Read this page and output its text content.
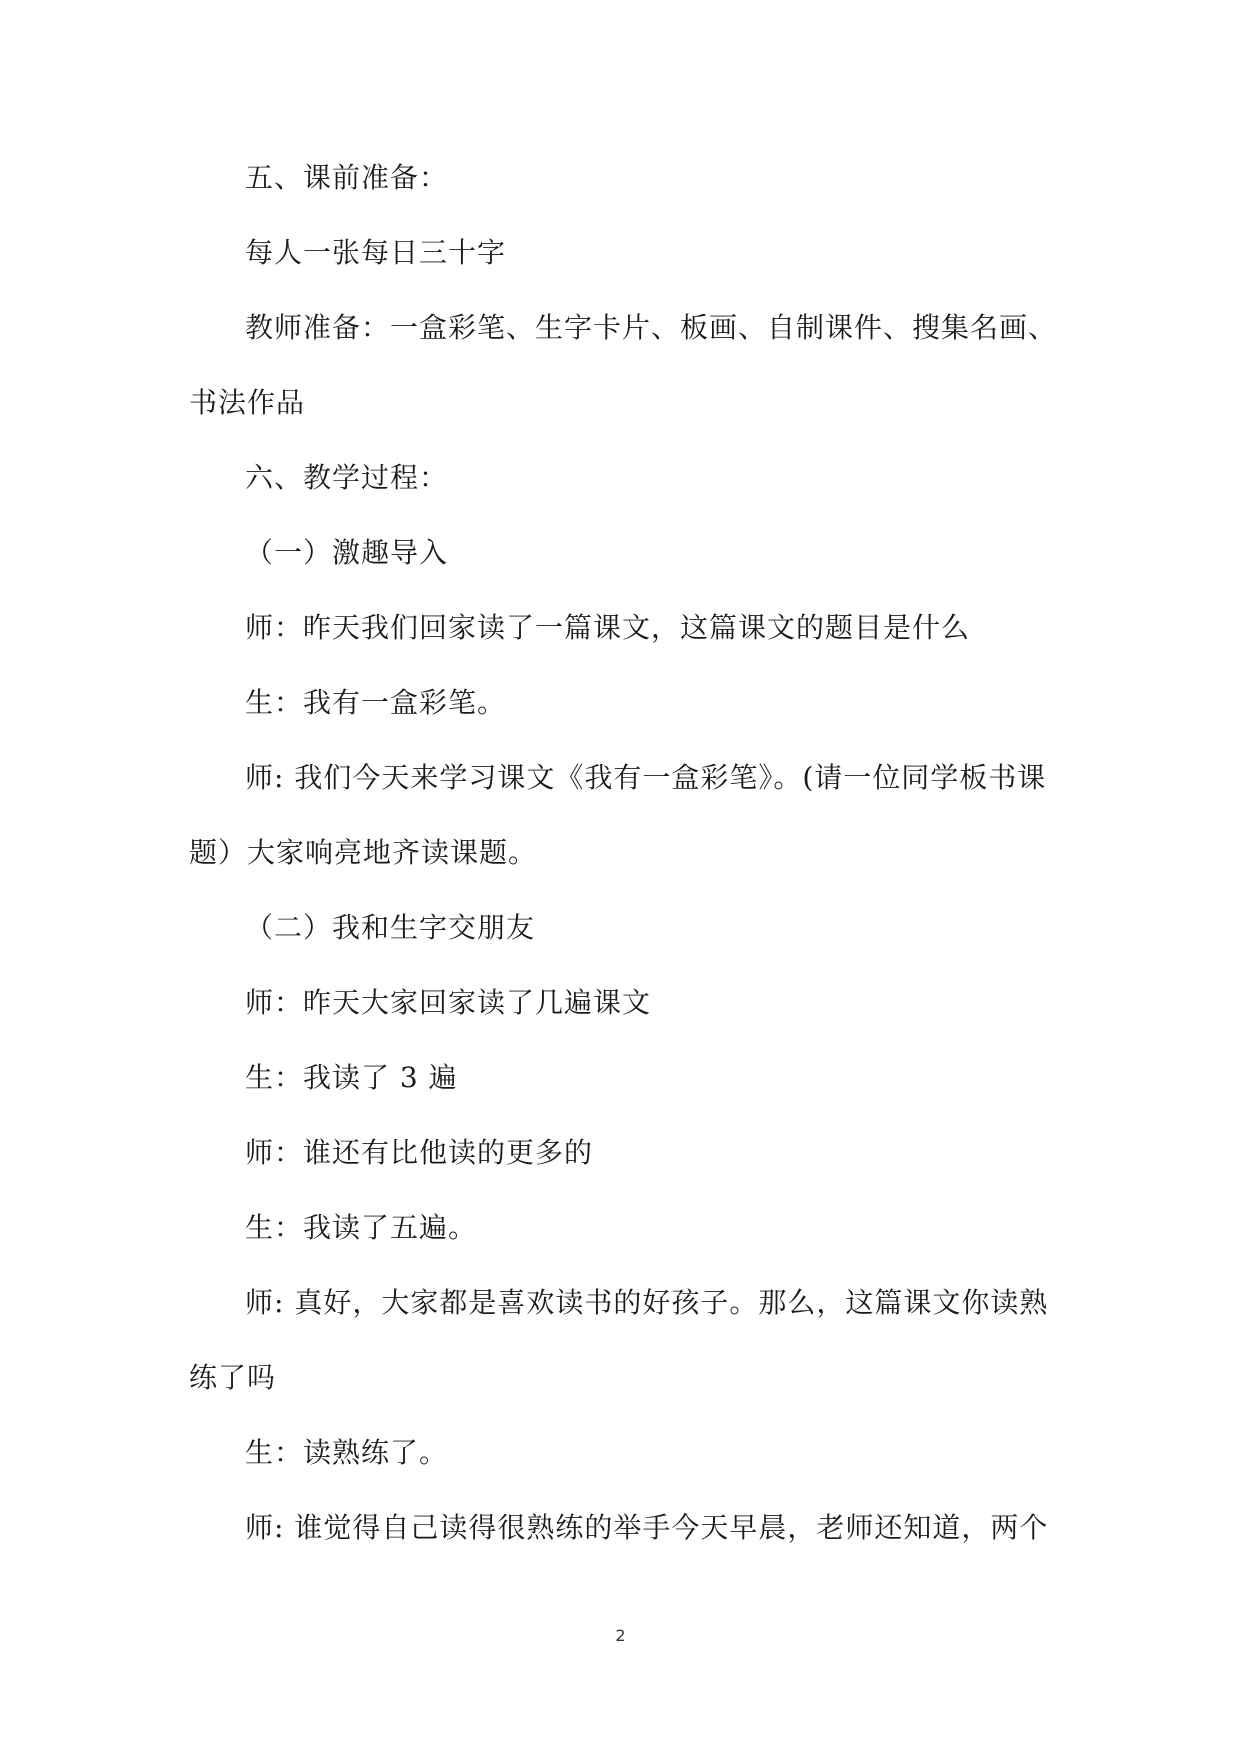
五、课前准备：

每人一张每日三十字

教师准备：一盒彩笔、生字卡片、板画、自制课件、搜集名画、书法作品

六、教学过程：

（一）激趣导入

师：昨天我们回家读了一篇课文，这篇课文的题目是什么

生：我有一盒彩笔。

师: 我们今天来学习课文《我有一盒彩笔》。(请一位同学板书课题）大家响亮地齐读课题。

（二）我和生字交朋友

师：昨天大家回家读了几遍课文

生：我读了 3 遍

师：谁还有比他读的更多的

生：我读了五遍。

师: 真好，大家都是喜欢读书的好孩子。那么，这篇课文你读熟练了吗

生：读熟练了。

师: 谁觉得自己读得很熟练的举手今天早晨，老师还知道，两个

2
